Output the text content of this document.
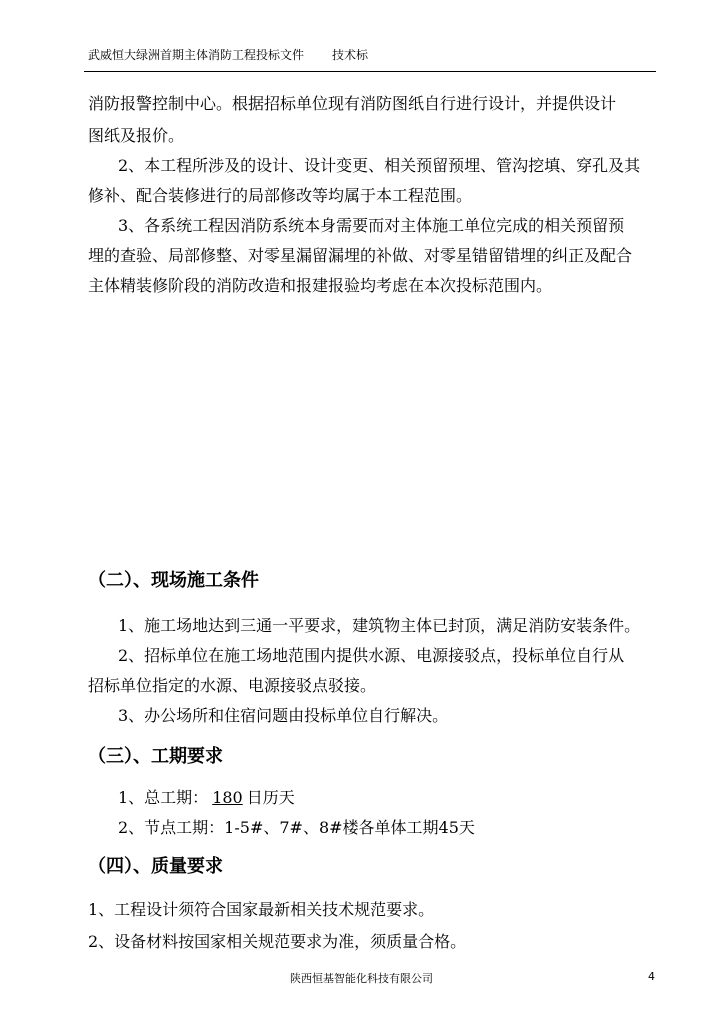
武威恒大绿洲首期主体消防工程投标文件 技术标
消防报警控制中心。根据招标单位现有消防图纸自行进行设计，并提供设计
图纸及报价。
2、本工程所涉及的设计、设计变更、相关预留预埋、管沟挖填、穿孔及其
修补、配合装修进行的局部修改等均属于本工程范围。
3、各系统工程因消防系统本身需要而对主体施工单位完成的相关预留预
埋的查验、局部修整、对零星漏留漏埋的补做、对零星错留错埋的纠正及配合
主体精装修阶段的消防改造和报建报验均考虑在本次投标范围内。
（二）、现场施工条件
1、施工场地达到三通一平要求，建筑物主体已封顶，满足消防安装条件。
2、招标单位在施工场地范围内提供水源、电源接驳点，投标单位自行从
招标单位指定的水源、电源接驳点驳接。
3、办公场所和住宿问题由投标单位自行解决。
（三）、工期要求
1、总工期： 180 日历天
2、节点工期：1-5#、7#、8#楼各单体工期45天
（四）、质量要求
1、工程设计须符合国家最新相关技术规范要求。
2、设备材料按国家相关规范要求为准，须质量合格。
陕西恒基智能化科技有限公司	4
